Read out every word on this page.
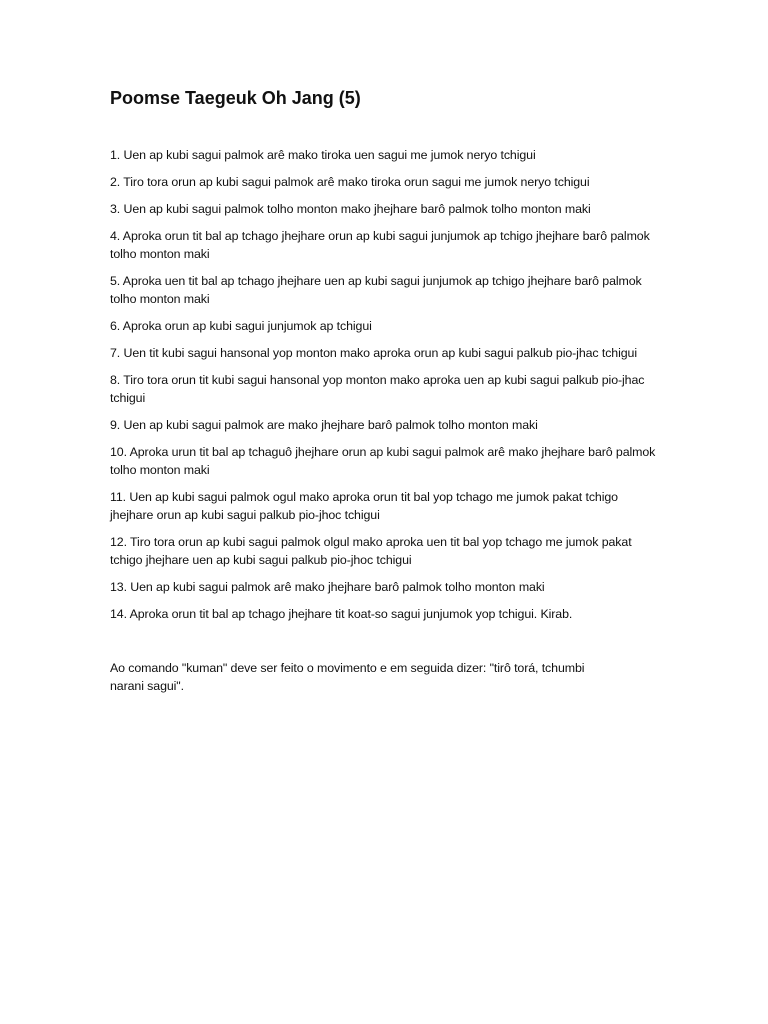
Poomse Taegeuk Oh Jang (5)
1. Uen ap kubi sagui palmok arê mako tiroka uen sagui me jumok neryo tchigui
2. Tiro tora orun ap kubi sagui palmok arê mako tiroka orun sagui me jumok neryo tchigui
3. Uen ap kubi sagui palmok tolho monton mako jhejhare barô palmok tolho monton maki
4. Aproka orun tit bal ap tchago jhejhare orun ap kubi sagui junjumok ap tchigo jhejhare barô palmok tolho monton maki
5. Aproka uen tit bal ap tchago jhejhare uen ap kubi sagui junjumok ap tchigo jhejhare barô palmok tolho monton maki
6. Aproka orun ap kubi sagui junjumok ap tchigui
7. Uen tit kubi sagui hansonal yop monton mako aproka orun ap kubi sagui palkub pio-jhac tchigui
8. Tiro tora orun tit kubi sagui hansonal yop monton mako aproka uen ap kubi sagui palkub pio-jhac tchigui
9. Uen ap kubi sagui palmok are mako jhejhare barô palmok tolho monton maki
10. Aproka urun tit bal ap tchaguô jhejhare orun ap kubi sagui palmok arê mako jhejhare barô palmok tolho monton maki
11. Uen ap kubi sagui palmok ogul mako aproka orun tit bal yop tchago me jumok pakat tchigo jhejhare orun ap kubi sagui palkub pio-jhoc tchigui
12. Tiro tora orun ap kubi sagui palmok olgul mako aproka uen tit bal yop tchago me jumok pakat tchigo jhejhare uen ap kubi sagui palkub pio-jhoc tchigui
13. Uen ap kubi sagui palmok arê mako jhejhare barô palmok tolho monton maki
14. Aproka orun tit bal ap tchago jhejhare tit koat-so sagui junjumok yop tchigui. Kirab.

Ao comando "kuman" deve ser feito o movimento e em seguida dizer: "tirô torá, tchumbi narani sagui".
